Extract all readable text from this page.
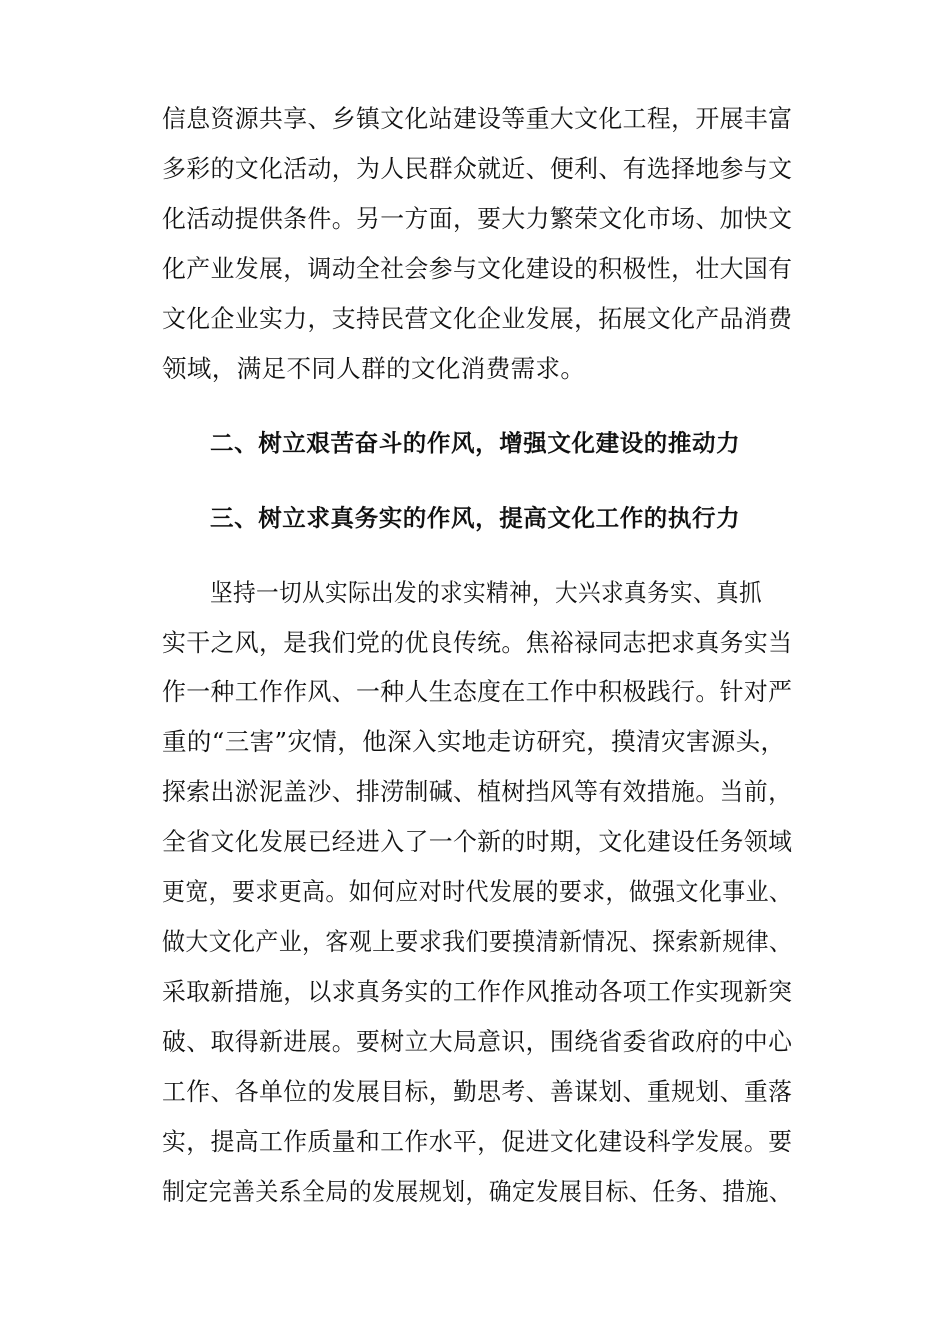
信息资源共享、乡镇文化站建设等重大文化工程，开展丰富
多彩的文化活动，为人民群众就近、便利、有选择地参与文
化活动提供条件。另一方面，要大力繁荣文化市场、加快文
化产业发展，调动全社会参与文化建设的积极性，壮大国有
文化企业实力，支持民营文化企业发展，拓展文化产品消费
领域，满足不同人群的文化消费需求。
二、树立艰苦奋斗的作风，增强文化建设的推动力
三、树立求真务实的作风，提高文化工作的执行力
坚持一切从实际出发的求实精神，大兴求真务实、真抓
实干之风，是我们党的优良传统。焦裕禄同志把求真务实当
作一种工作作风、一种人生态度在工作中积极践行。针对严
重的“三害”灾情，他深入实地走访研究，摸清灾害源头，
探索出淤泥盖沙、排涝制碱、植树挡风等有效措施。当前，
全省文化发展已经进入了一个新的时期，文化建设任务领域
更宽，要求更高。如何应对时代发展的要求，做强文化事业、
做大文化产业，客观上要求我们要摸清新情况、探索新规律、
采取新措施，以求真务实的工作作风推动各项工作实现新突
破、取得新进展。要树立大局意识，围绕省委省政府的中心
工作、各单位的发展目标，勤思考、善谋划、重规划、重落
实，提高工作质量和工作水平，促进文化建设科学发展。要
制定完善关系全局的发展规划，确定发展目标、任务、措施、
